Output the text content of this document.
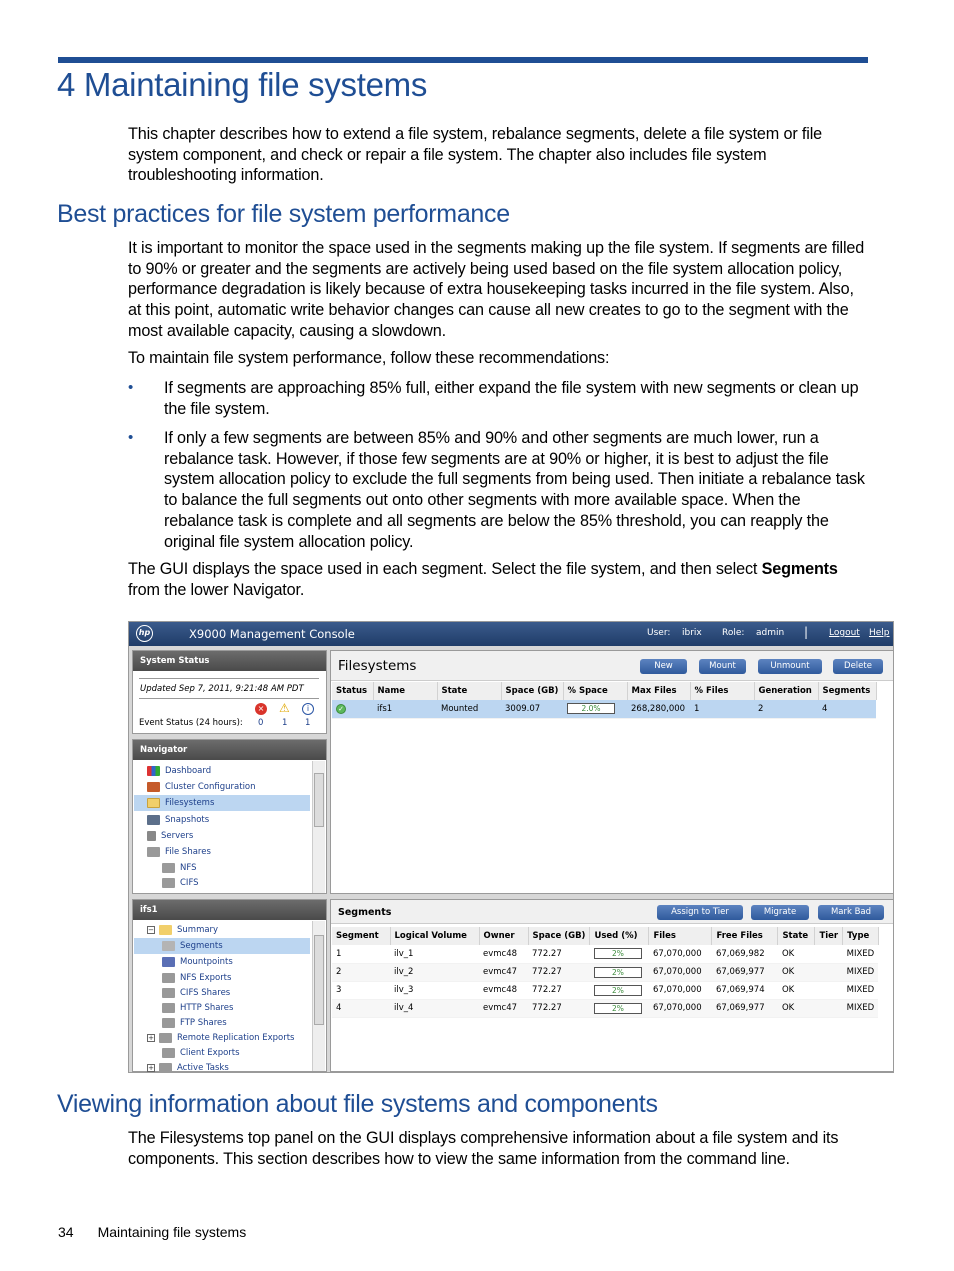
4 Maintaining file systems
This chapter describes how to extend a file system, rebalance segments, delete a file system or file system component, and check or repair a file system. The chapter also includes file system troubleshooting information.
Best practices for file system performance
It is important to monitor the space used in the segments making up the file system. If segments are filled to 90% or greater and the segments are actively being used based on the file system allocation policy, performance degradation is likely because of extra housekeeping tasks incurred in the file system. Also, at this point, automatic write behavior changes can cause all new creates to go to the segment with the most available capacity, causing a slowdown.
To maintain file system performance, follow these recommendations:
• If segments are approaching 85% full, either expand the file system with new segments or clean up the file system.
• If only a few segments are between 85% and 90% and other segments are much lower, run a rebalance task. However, if those few segments are at 90% or higher, it is best to adjust the file system allocation policy to exclude the full segments from being used. Then initiate a rebalance task to balance the full segments out onto other segments with more available space. When the rebalance task is complete and all segments are below the 85% threshold, you can reapply the original file system allocation policy.
The GUI displays the space used in each segment. Select the file system, and then select Segments from the lower Navigator.
hp	X9000 Management Console	User: ibrix Role: admin | Logout Help
System Status
Updated Sep 7, 2011, 9:21:48 AM PDT
Event Status (24 hours):
× ⚠	i
0 1 1
Navigator
Dashboard
Cluster Configuration
Filesystems
Snapshots
Servers
File Shares
NFS
CIFS
ifs1
−	Summary
Segments
Mountpoints
NFS Exports
CIFS Shares
HTTP Shares
FTP Shares
+	Remote Replication Exports
Client Exports
+	Active Tasks
Filesystems	New	Mount	Unmount	Delete
Status	Name	State	Space (GB)	% Space	Max Files	% Files	Generation	Segments
✓	ifs1	Mounted	3009.07	2.0%	268,280,000	1	2	4
Segments	Assign to Tier	Migrate	Mark Bad
Segment	Logical Volume	Owner	Space (GB)	Used (%)	Files	Free Files	State	Tier	Type
1	ilv_1	evmc48	772.27	2%	67,070,000	67,069,982	OK		MIXED
2	ilv_2	evmc47	772.27	2%	67,070,000	67,069,977	OK		MIXED
3	ilv_3	evmc48	772.27	2%	67,070,000	67,069,974	OK		MIXED
4	ilv_4	evmc47	772.27	2%	67,070,000	67,069,977	OK		MIXED
Viewing information about file systems and components
The Filesystems top panel on the GUI displays comprehensive information about a file system and its components. This section describes how to view the same information from the command line.
34 Maintaining file systems
